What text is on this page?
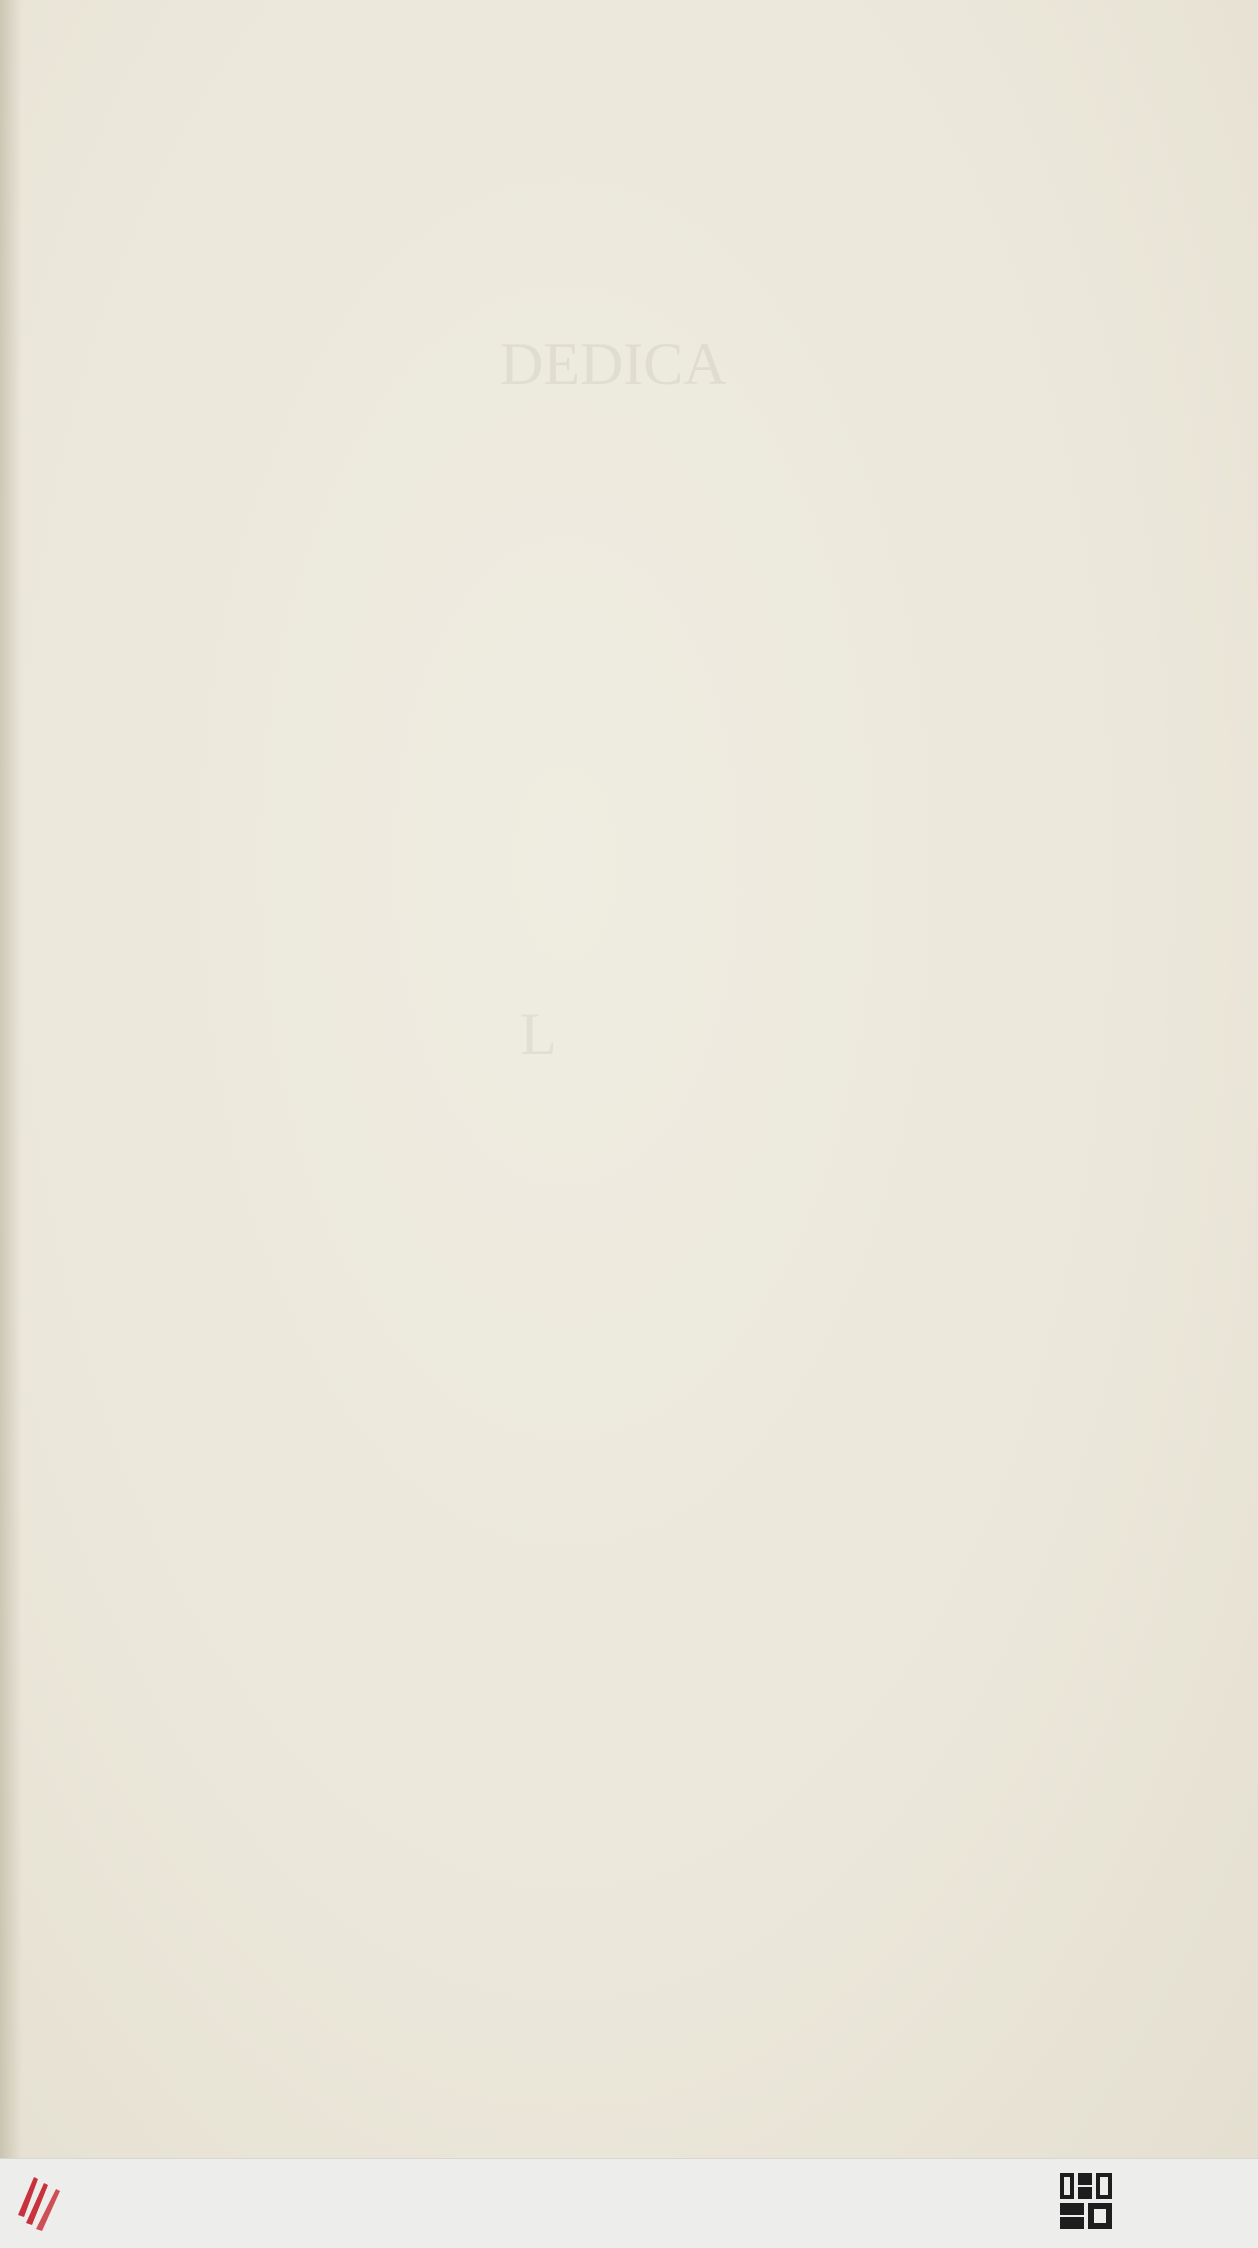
DEDICA
L
